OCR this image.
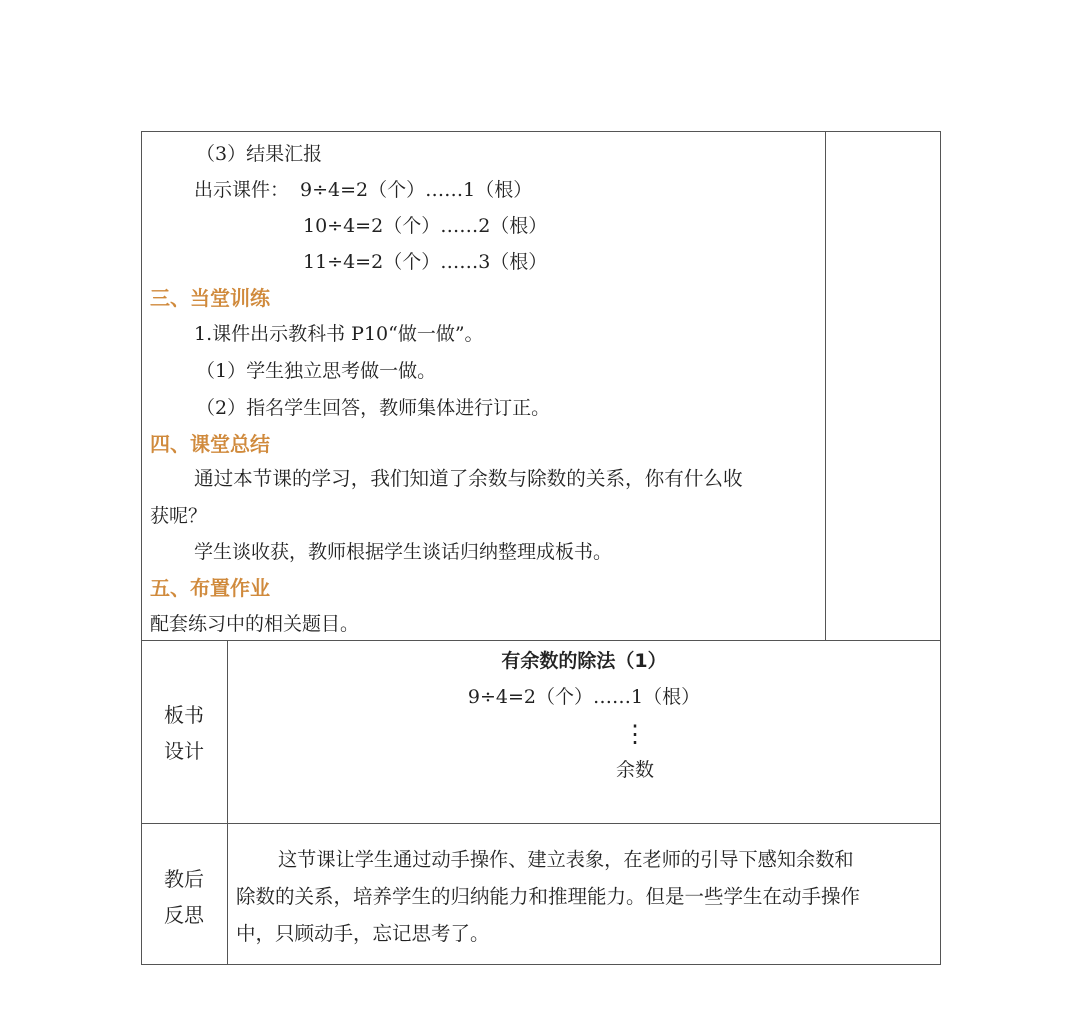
（3）结果汇报
出示课件： 9÷4=2（个）……1（根）
10÷4=2（个）……2（根）
11÷4=2（个）……3（根）
三、当堂训练
1.课件出示教科书 P10“做一做”。
（1）学生独立思考做一做。
（2）指名学生回答，教师集体进行订正。
四、课堂总结
通过本节课的学习，我们知道了余数与除数的关系，你有什么收
获呢？
学生谈收获，教师根据学生谈话归纳整理成板书。
五、布置作业
配套练习中的相关题目。
板书
设计
有余数的除法（1）
9÷4=2（个）……1（根）
⋮
余数
教后
反思
这节课让学生通过动手操作、建立表象，在老师的引导下感知余数和
除数的关系，培养学生的归纳能力和推理能力。但是一些学生在动手操作
中，只顾动手，忘记思考了。
